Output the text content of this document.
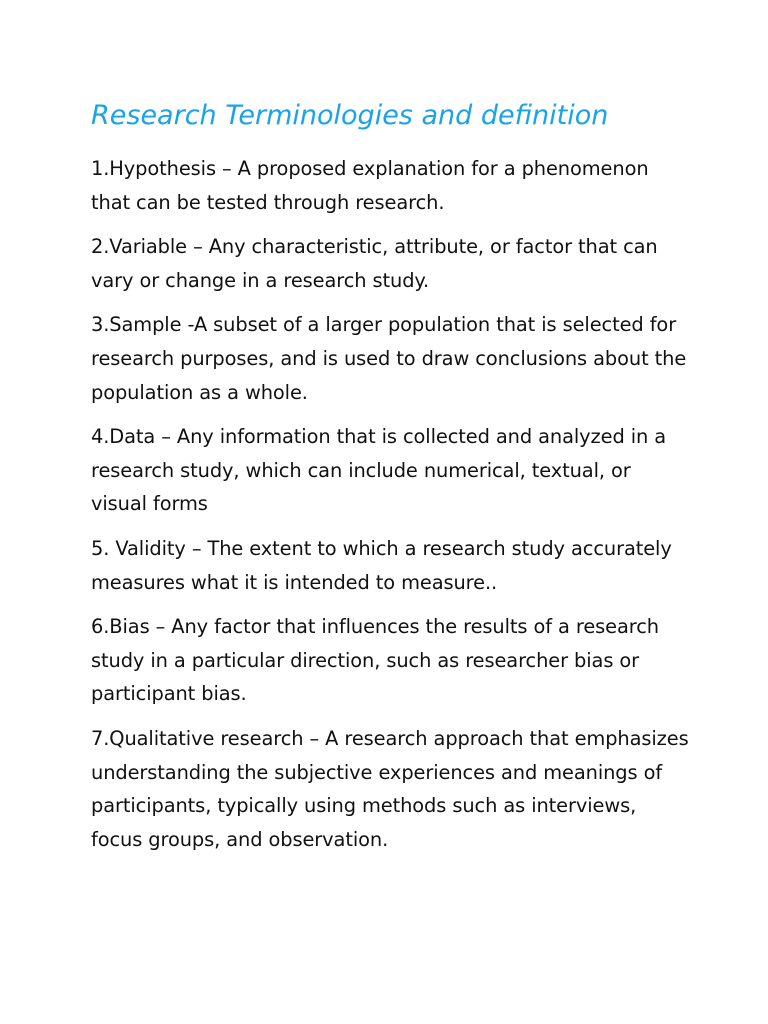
Research Terminologies and definition
1.Hypothesis – A proposed explanation for a phenomenon that can be tested through research.
2.Variable – Any characteristic, attribute, or factor that can vary or change in a research study.
3.Sample -A subset of a larger population that is selected for research purposes, and is used to draw conclusions about the population as a whole.
4.Data – Any information that is collected and analyzed in a research study, which can include numerical, textual, or visual forms
5. Validity – The extent to which a research study accurately measures what it is intended to measure..
6.Bias – Any factor that influences the results of a research study in a particular direction, such as researcher bias or participant bias.
7.Qualitative research – A research approach that emphasizes understanding the subjective experiences and meanings of participants, typically using methods such as interviews, focus groups, and observation.
